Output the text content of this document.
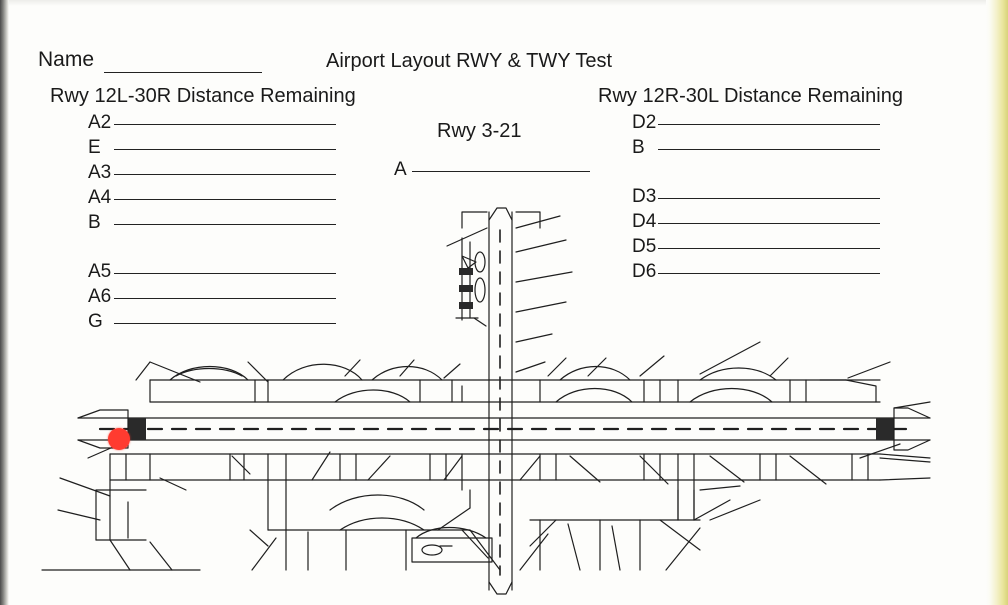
Name	Airport Layout RWY & TWY Test
Rwy 12L-30R Distance Remaining	Rwy 12R-30L Distance Remaining
Rwy 3-21
A2
E
A3
A4
B
A5
A6
G
A
D2
B
D3
D4
D5
D6
